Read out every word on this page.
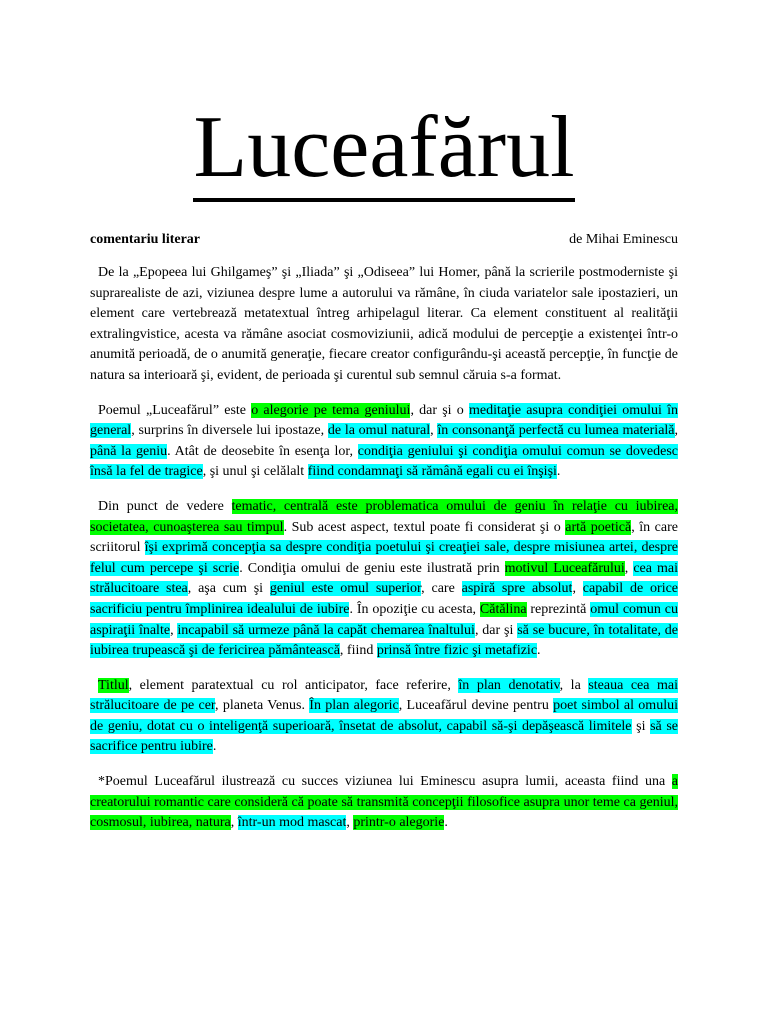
Luceafărul
comentariu literar	de Mihai Eminescu

De la „Epopeea lui Ghilgameş” şi „Iliada” şi „Odiseea” lui Homer, până la scrierile postmoderniste şi suprarealiste de azi, viziunea despre lume a autorului va rămâne, în ciuda variatelor sale ipostazieri, un element care vertebrează metatextual întreg arhipelagul literar. Ca element constituent al realităţii extralingvistice, acesta va rămâne asociat cosmoviziunii, adică modului de percepţie a existenţei într-o anumită perioadă, de o anumită generaţie, fiecare creator configurându-şi această percepţie, în funcţie de natura sa interioară şi, evident, de perioada şi curentul sub semnul căruia s-a format.

Poemul „Luceafărul” este o alegorie pe tema geniului, dar şi o meditaţie asupra condiţiei omului în general, surprins în diversele lui ipostaze, de la omul natural, în consonanţă perfectă cu lumea materială, până la geniu. Atât de deosebite în esenţa lor, condiţia geniului şi condiţia omului comun se dovedesc însă la fel de tragice, şi unul şi celălalt fiind condamnaţi să rămână egali cu ei înşişi.

Din punct de vedere tematic, centrală este problematica omului de geniu în relaţie cu iubirea, societatea, cunoaşterea sau timpul. Sub acest aspect, textul poate fi considerat şi o artă poetică, în care scriitorul îşi exprimă concepţia sa despre condiţia poetului şi creaţiei sale, despre misiunea artei, despre felul cum percepe şi scrie. Condiţia omului de geniu este ilustrată prin motivul Luceafărului, cea mai strălucitoare stea, aşa cum şi geniul este omul superior, care aspiră spre absolut, capabil de orice sacrificiu pentru împlinirea idealului de iubire. În opoziţie cu acesta, Cătălina reprezintă omul comun cu aspiraţii înalte, incapabil să urmeze până la capăt chemarea înaltului, dar şi să se bucure, în totalitate, de iubirea trupească şi de fericirea pământească, fiind prinsă între fizic şi metafizic.

Titlul, element paratextual cu rol anticipator, face referire, în plan denotativ, la steaua cea mai strălucitoare de pe cer, planeta Venus. În plan alegoric, Luceafărul devine pentru poet simbol al omului de geniu, dotat cu o inteligenţă superioară, însetat de absolut, capabil să-şi depăşească limitele şi să se sacrifice pentru iubire.

*Poemul Luceafărul ilustrează cu succes viziunea lui Eminescu asupra lumii, aceasta fiind una a creatorului romantic care consideră că poate să transmită concepţii filosofice asupra unor teme ca geniul, cosmosul, iubirea, natura, într-un mod mascat, printr-o alegorie.
